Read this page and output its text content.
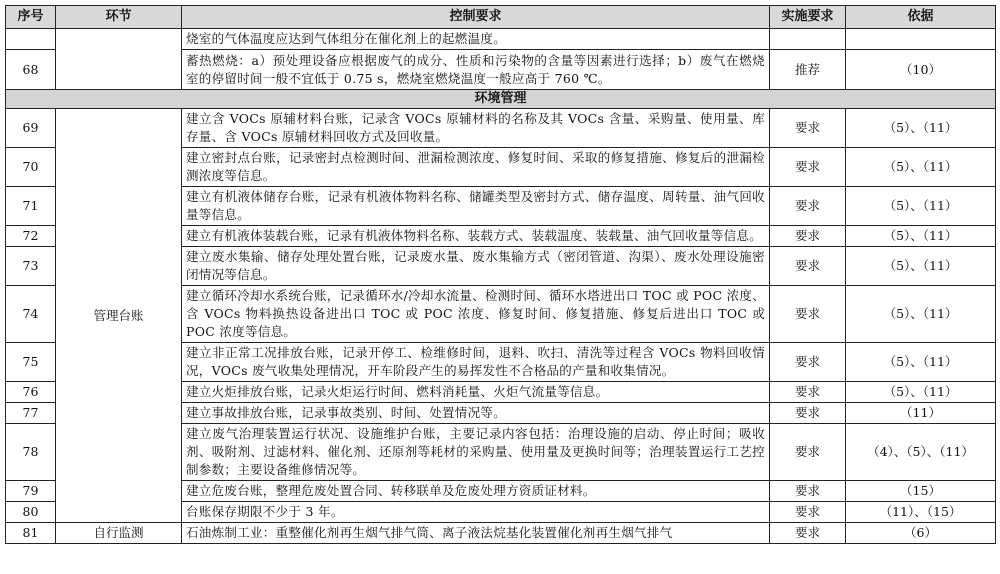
序号	环节	控制要求	实施要求	依据
		烧室的气体温度应达到气体组分在催化剂上的起燃温度。		
68		蓄热燃烧：a）预处理设备应根据废气的成分、性质和污染物的含量等因素进行选择；b）废气在燃烧室的停留时间一般不宜低于 0.75 s，燃烧室燃烧温度一般应高于 760 ℃。	推荐	（10）
环境管理				
69	管理台账	建立含 VOCs 原辅材料台账，记录含 VOCs 原辅材料的名称及其 VOCs 含量、采购量、使用量、库存量、含 VOCs 原辅材料回收方式及回收量。	要求	（5）、（11）
70		建立密封点台账，记录密封点检测时间、泄漏检测浓度、修复时间、采取的修复措施、修复后的泄漏检测浓度等信息。	要求	（5）、（11）
71		建立有机液体储存台账，记录有机液体物料名称、储罐类型及密封方式、储存温度、周转量、油气回收量等信息。	要求	（5）、（11）
72		建立有机液体装载台账，记录有机液体物料名称、装载方式、装载温度、装载量、油气回收量等信息。	要求	（5）、（11）
73		建立废水集输、储存处理处置台账，记录废水量、废水集输方式（密闭管道、沟渠）、废水处理设施密闭情况等信息。	要求	（5）、（11）
74		建立循环冷却水系统台账，记录循环水/冷却水流量、检测时间、循环水塔进出口 TOC 或 POC 浓度、含 VOCs 物料换热设备进出口 TOC 或 POC 浓度、修复时间、修复措施、修复后进出口 TOC 或 POC 浓度等信息。	要求	（5）、（11）
75		建立非正常工况排放台账，记录开停工、检维修时间，退料、吹扫、清洗等过程含 VOCs 物料回收情况，VOCs 废气收集处理情况，开车阶段产生的易挥发性不合格品的产量和收集情况。	要求	（5）、（11）
76		建立火炬排放台账，记录火炬运行时间、燃料消耗量、火炬气流量等信息。	要求	（5）、（11）
77		建立事故排放台账，记录事故类别、时间、处置情况等。	要求	（11）
78		建立废气治理装置运行状况、设施维护台账，主要记录内容包括：治理设施的启动、停止时间；吸收剂、吸附剂、过滤材料、催化剂、还原剂等耗材的采购量、使用量及更换时间等；治理装置运行工艺控制参数；主要设备维修情况等。	要求	（4）、（5）、（11）
79		建立危废台账，整理危废处置合同、转移联单及危废处理方资质证材料。	要求	（15）
80		台账保存期限不少于 3 年。	要求	（11）、（15）
81	自行监测	石油炼制工业：重整催化剂再生烟气排气筒、离子液法烷基化装置催化剂再生烟气排气	要求	（6）
